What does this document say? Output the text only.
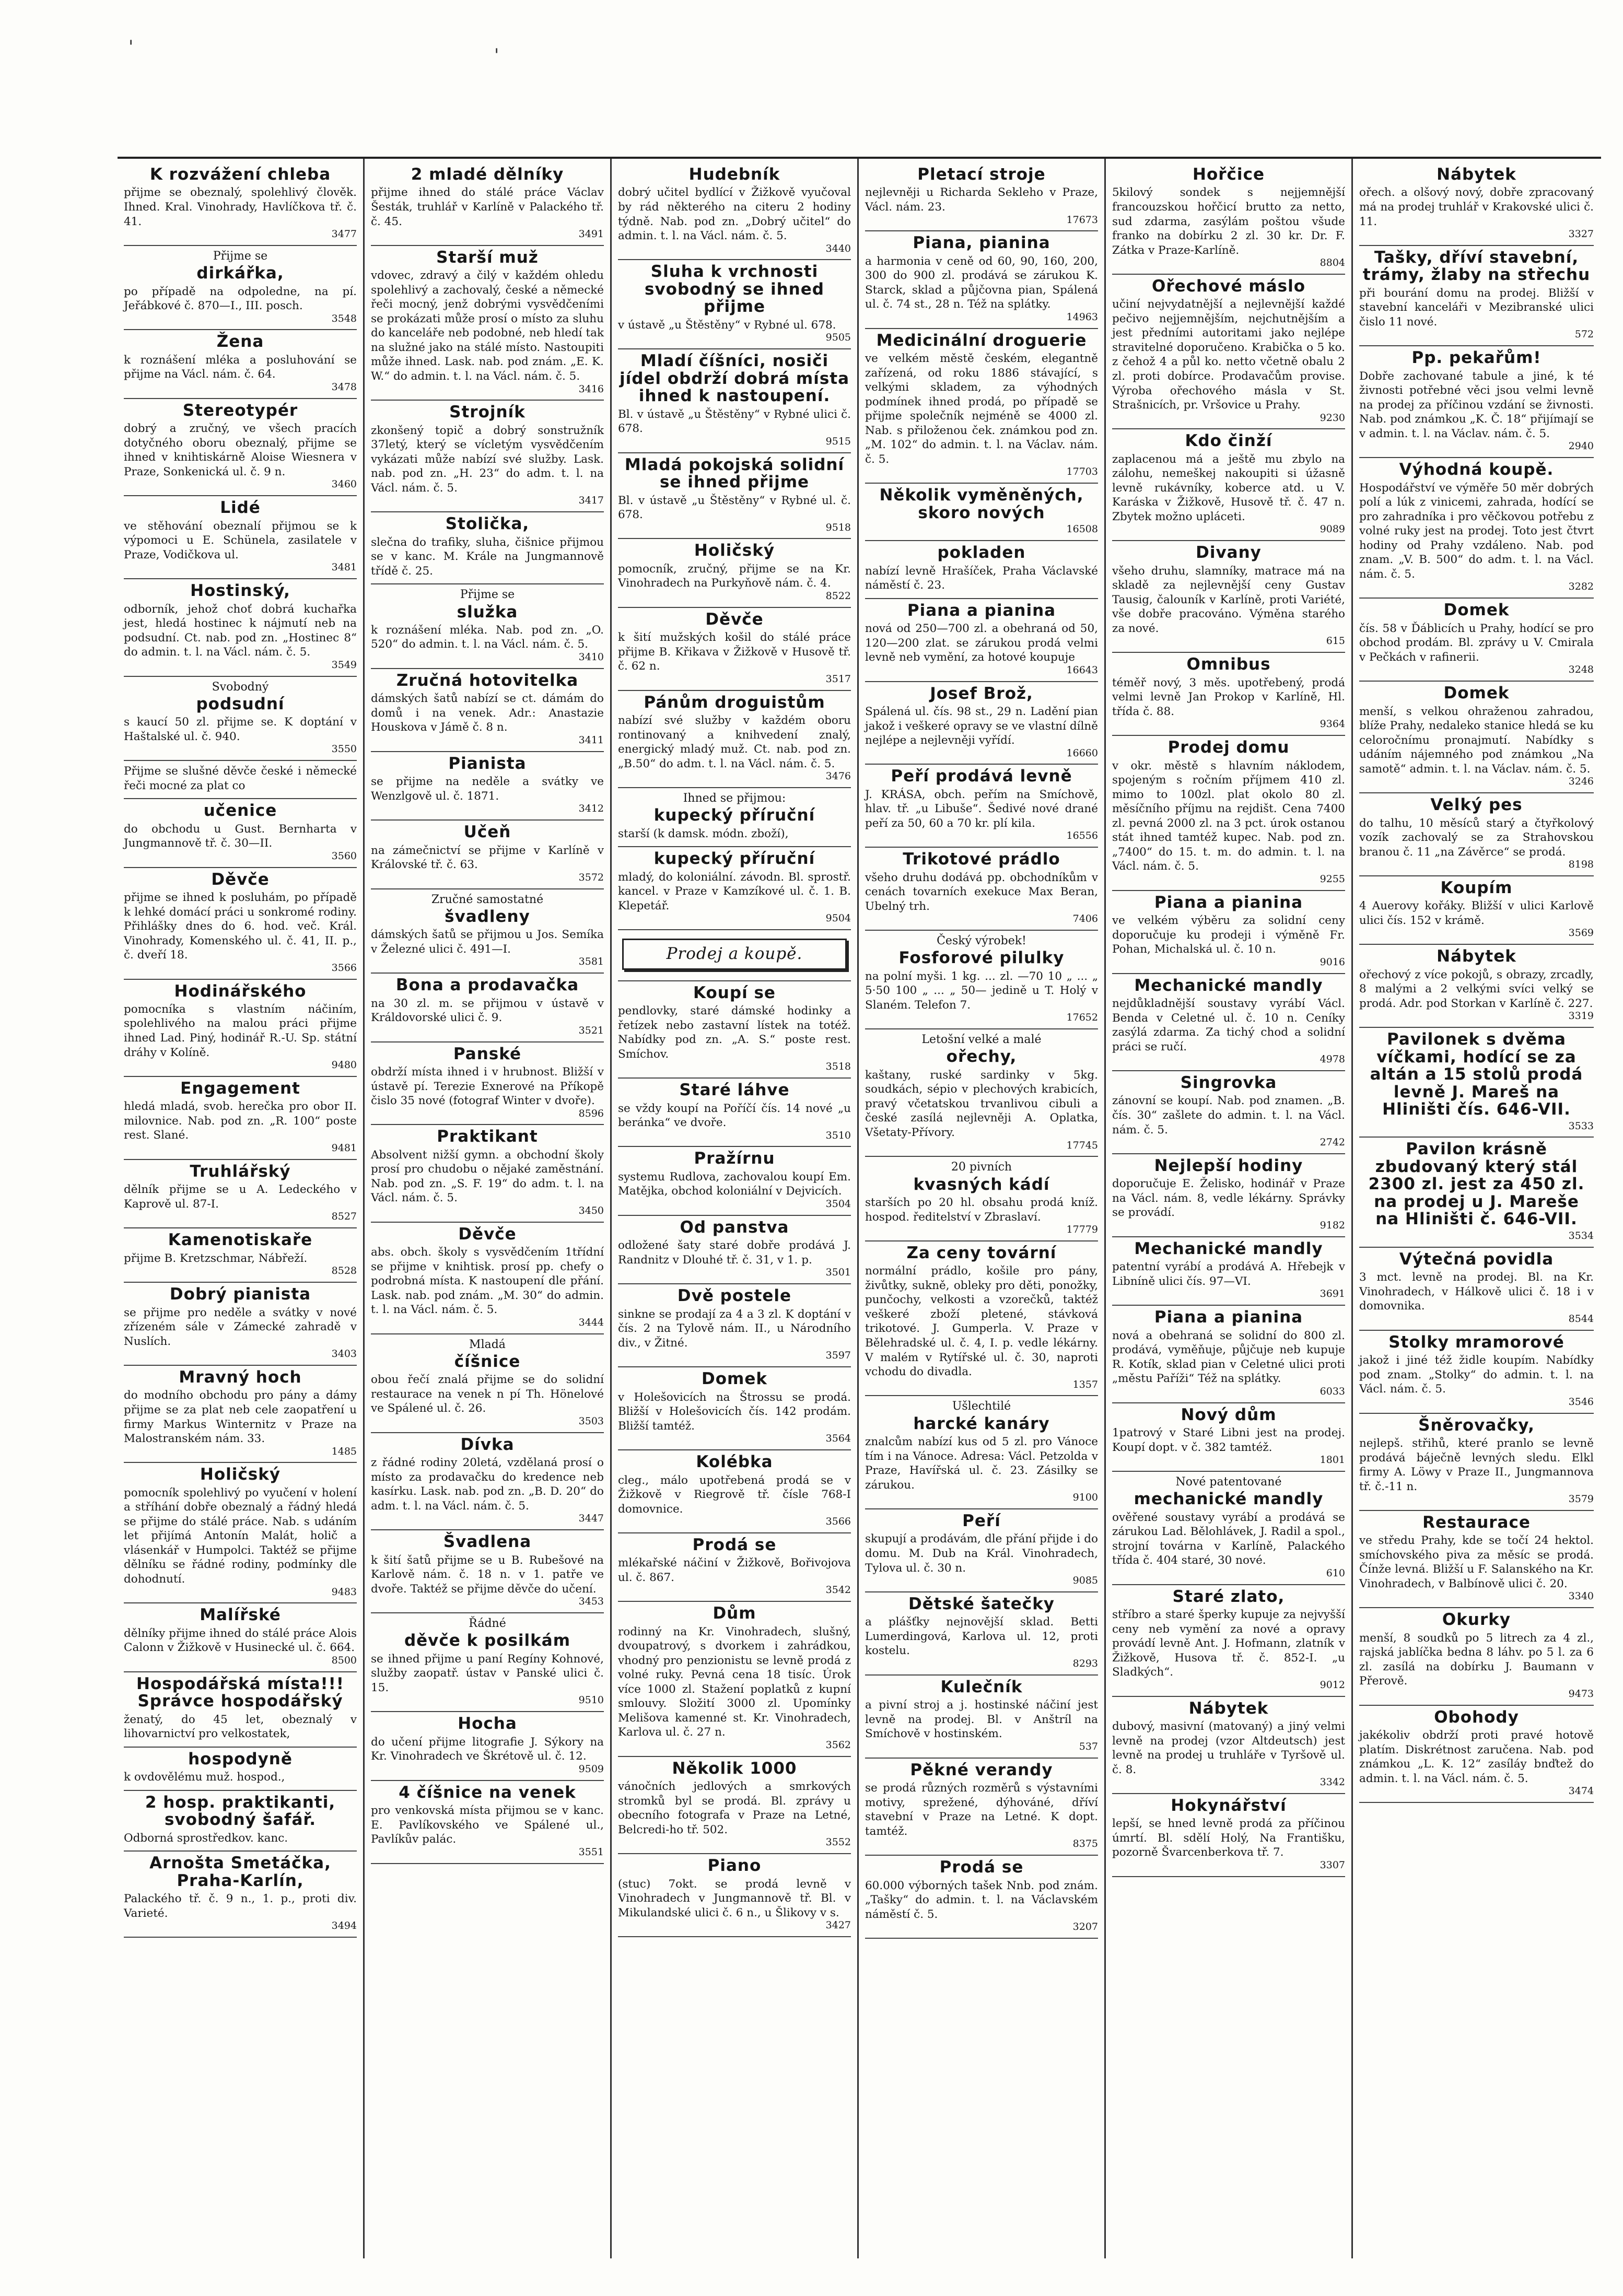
'	'
K rozvážení chleba

přijme se obeznalý, spolehlivý člověk. Ihned. Kral. Vinohrady, Havlíčkova tř. č. 41.

3477

Přijme se

dirkářka,

po případě na odpoledne, na pí. Jeřábkové č. 870—I., III. posch.

3548

Žena

k roznášení mléka a posluhování se přijme na Václ. nám. č. 64.

3478

Stereotypér

dobrý a zručný, ve všech pracích dotyčného oboru obeznalý, přijme se ihned v knihtiskárně Aloise Wiesnera v Praze, Sonkenická ul. č. 9 n.

3460

Lidé

ve stěhování obeznalí přijmou se k výpomoci u E. Schünela, zasilatele v Praze, Vodičkova ul.

3481

Hostinský,

odborník, jehož choť dobrá kuchařka jest, hledá hostinec k nájmutí neb na podsudní. Ct. nab. pod zn. „Hostinec 8“ do admin. t. l. na Václ. nám. č. 5.

3549

Svobodný

podsudní

s kaucí 50 zl. přijme se. K doptání v Haštalské ul. č. 940.

3550

Přijme se slušné děvče české i německé řeči mocné za plat co

učenice

do obchodu u Gust. Bernharta v Jungmannově tř. č. 30—II.

3560

Děvče

přijme se ihned k posluhám, po případě k lehké domácí práci u sonkromé rodiny. Přihlášky dnes do 6. hod. več. Král. Vinohrady, Komenského ul. č. 41, II. p., č. dveří 18.

3566

Hodinářského

pomocníka s vlastním náčiním, spolehlivého na malou práci přijme ihned Lad. Piný, hodinář R.-U. Sp. státní dráhy v Kolíně.

9480

Engagement

hledá mladá, svob. herečka pro obor II. milovnice. Nab. pod zn. „R. 100“ poste rest. Slané.

9481

Truhlářský

dělník přijme se u A. Ledeckého v Kaprově ul. 87-I.

8527

Kamenotiskaře

přijme B. Kretzschmar, Nábřeží.

8528

Dobrý pianista

se přijme pro neděle a svátky v nové zřízeném sále v Zámecké zahradě v Nuslích.

3403

Mravný hoch

do modního obchodu pro pány a dámy přijme se za plat neb cele zaopatření u firmy Markus Winternitz v Praze na Malostranském nám. 33.

1485

Holičský

pomocník spolehlivý po vyučení v holení a stříhání dobře obeznalý a řádný hledá se přijme do stálé práce. Nab. s udáním let přijímá Antonín Malát, holič a vlásenkář v Humpolci. Taktéž se přijme dělníku se řádné rodiny, podmínky dle dohodnutí.

9483

Malířské

dělníky přijme ihned do stálé práce Alois Calonn v Žižkově v Husinecké ul. č. 664.

8500

Hospodářská místa!!! Správce hospodářský

ženatý, do 45 let, obeznalý v lihovarnictví pro velkostatek,

hospodyně

k ovdovělému muž. hospod.,

2 hosp. praktikanti, svobodný šafář.

Odborná sprostředkov. kanc.

Arnošta Smetáčka, Praha-Karlín,

Palackého tř. č. 9 n., 1. p., proti div. Varieté.

3494

2 mladé dělníky

přijme ihned do stálé práce Václav Šesták, truhlář v Karlíně v Palackého tř. č. 45.

3491

Starší muž

vdovec, zdravý a čilý v každém ohledu spolehlivý a zachovalý, české a německé řeči mocný, jenž dobrými vysvědčeními se prokázati může prosí o místo za sluhu do kanceláře neb podobné, neb hledí tak na služné jako na stálé místo. Nastoupiti může ihned. Lask. nab. pod znám. „E. K. W.“ do admin. t. l. na Václ. nám. č. 5.

3416

Strojník

zkonšený topič a dobrý sonstružník 37letý, který se vícletým vysvědčením vykázati může nabízí své služby. Lask. nab. pod zn. „H. 23“ do adm. t. l. na Václ. nám. č. 5.

3417

Stolička,

slečna do trafiky, sluha, čišnice přijmou se v kanc. M. Krále na Jungmannově třídě č. 25.

Přijme se

služka

k roznášení mléka. Nab. pod zn. „O. 520“ do admin. t. l. na Václ. nám. č. 5.

3410

Zručná hotovitelka

dámských šatů nabízí se ct. dámám do domů i na venek. Adr.: Anastazie Houskova v Jámě č. 8 n.

3411

Pianista

se přijme na neděle a svátky ve Wenzlgově ul. č. 1871.

3412

Učeň

na zámečnictví se přijme v Karlíně v Královské tř. č. 63.

3572

Zručné samostatné

švadleny

dámských šatů se přijmou u Jos. Semíka v Železné ulici č. 491—I.

3581

Bona a prodavačka

na 30 zl. m. se přijmou v ústavě v Králdovorské ulici č. 9.

3521

Panské

obdrží místa ihned i v hrubnost. Bližší v ústavě pí. Terezie Exnerové na Příkopě čislo 35 nové (fotograf Winter v dvoře).

8596

Praktikant

Absolvent nižší gymn. a obchodní školy prosí pro chudobu o nějaké zaměstnání. Nab. pod zn. „S. F. 19“ do adm. t. l. na Václ. nám. č. 5.

3450

Děvče

abs. obch. školy s vysvědčením 1třídní se přijme v knihtisk. prosí pp. chefy o podrobná místa. K nastoupení dle přání. Lask. nab. pod znám. „M. 30“ do admin. t. l. na Václ. nám. č. 5.

3444

Mladá

číšnice

obou řečí znalá přijme se do solidní restaurace na venek n pí Th. Hönelové ve Spálené ul. č. 26.

3503

Dívka

z řádné rodiny 20letá, vzdělaná prosí o místo za prodavačku do kredence neb kasírku. Lask. nab. pod zn. „B. D. 20“ do adm. t. l. na Václ. nám. č. 5.

3447

Švadlena

k šití šatů přijme se u B. Rubešové na Karlově nám. č. 18 n. v 1. patře ve dvoře. Taktéž se přijme děvče do učení.

3453

Řádné

děvče k posilkám

se ihned přijme u paní Regíny Kohnové, služby zaopatř. ústav v Panské ulici č. 15.

9510

Hocha

do učení přijme litografie J. Sýkory na Kr. Vinohradech ve Škrétově ul. č. 12.

9509

4 číšnice na venek

pro venkovská místa přijmou se v kanc. E. Pavlíkovského ve Spálené ul., Pavlíkův palác.

3551

Hudebník

dobrý učitel bydlící v Žižkově vyučoval by rád některého na citeru 2 hodiny týdně. Nab. pod zn. „Dobrý učitel“ do admin. t. l. na Václ. nám. č. 5.

3440

Sluha k vrchnosti svobodný se ihned přijme

v ústavě „u Štěstěny“ v Rybné ul. 678.

9505

Mladí číšníci, nosiči jídel obdrží dobrá místa ihned k nastoupení.

Bl. v ústavě „u Štěstěny“ v Rybné ulici č. 678.

9515

Mladá pokojská solidní se ihned přijme

Bl. v ústavě „u Štěstěny“ v Rybné ul. č. 678.

9518

Holičský

pomocník, zručný, přijme se na Kr. Vinohradech na Purkyňově nám. č. 4.

8522

Děvče

k šití mužských košil do stálé práce přijme B. Křikava v Žižkově v Husově tř. č. 62 n.

3517

Pánům droguistům

nabízí své služby v každém oboru rontinovaný a knihvedení znalý, energický mladý muž. Ct. nab. pod zn. „B.50“ do adm. t. l. na Václ. nám. č. 5.

3476

Ihned se přijmou:

kupecký příruční

starší (k damsk. módn. zboží),

kupecký příruční

mladý, do koloniální. závodn. Bl. sprostř. kancel. v Praze v Kamzíkové ul. č. 1. B. Klepetář.

9504

Prodej a koupě.
Koupí se

pendlovky, staré dámské hodinky a řetízek nebo zastavní lístek na totéž. Nabídky pod zn. „A. S.“ poste rest. Smíchov.

3518

Staré láhve

se vždy koupí na Poříčí čís. 14 nové „u beránka“ ve dvoře.

3510

Pražírnu

systemu Rudlova, zachovalou koupí Em. Matějka, obchod koloniální v Dejvicích.

3504

Od panstva

odložené šaty staré dobře prodává J. Randnitz v Dlouhé tř. č. 31, v 1. p.

3501

Dvě postele

sinkne se prodají za 4 a 3 zl. K doptání v čís. 2 na Tylově nám. II., u Národního div., v Žitné.

3597

Domek

v Holešovicích na Štrossu se prodá. Bližší v Holešovicích čís. 142 prodám. Bližší tamtéž.

3564

Kolébka

cleg., málo upotřebená prodá se v Žižkově v Riegrově tř. čísle 768-I domovnice.

3566

Prodá se

mlékařské náčiní v Žižkově, Bořivojova ul. č. 867.

3542

Dům

rodinný na Kr. Vinohradech, slušný, dvoupatrový, s dvorkem i zahrádkou, vhodný pro penzionistu se levně prodá z volné ruky. Pevná cena 18 tisíc. Úrok více 1000 zl. Stažení poplatků z kupní smlouvy. Složití 3000 zl. Upomínky Melišova kamenné st. Kr. Vinohradech, Karlova ul. č. 27 n.

3562

Několik 1000

vánočních jedlových a smrkových stromků byl se prodá. Bl. zprávy u obecního fotografa v Praze na Letné, Belcredi-ho tř. 502.

3552

Piano

(stuc) 7okt. se prodá levně v Vinohradech v Jungmannově tř. Bl. v Mikulandské ulici č. 6 n., u Šlikovy v s.

3427

Pletací stroje

nejlevněji u Richarda Sekleho v Praze, Václ. nám. 23.

17673

Piana, pianina

a harmonia v ceně od 60, 90, 160, 200, 300 do 900 zl. prodává se zárukou K. Starck, sklad a půjčovna pian, Spálená ul. č. 74 st., 28 n. Též na splátky.

14963

Medicinální droguerie

ve velkém městě českém, elegantně zařízená, od roku 1886 stávající, s velkými skladem, za výhodných podmínek ihned prodá, po případě se přijme společník nejméně se 4000 zl. Nab. s přiloženou ček. známkou pod zn. „M. 102“ do admin. t. l. na Václav. nám. č. 5.

17703

Několik vyměněných, skoro nových

16508

pokladen

nabízí levně Hrašíček, Praha Václavské náměstí č. 23.

Piana a pianina

nová od 250—700 zl. a obehraná od 50, 120—200 zlat. se zárukou prodá velmi levně neb vymění, za hotové koupuje

16643

Josef Brož,

Spálená ul. čís. 98 st., 29 n. Ladění pian jakož i veškeré opravy se ve vlastní dílně nejlépe a nejlevněji vyřídí.

16660

Peří prodává levně

J. KRÁSA, obch. peřím na Smíchově, hlav. tř. „u Libuše“. Šedivé nové drané peří za 50, 60 a 70 kr. plí kila.

16556

Trikotové prádlo

všeho druhu dodává pp. obchodníkům v cenách tovarních exekuce Max Beran, Ubelný trh.

7406

Český výrobek!

Fosforové pilulky

na polní myši. 1 kg. ... zl. —70 10 „ ... „ 5·50 100 „ ... „ 50— jedině u T. Holý v Slaném. Telefon 7.

17652

Letošní velké a malé

ořechy,

kaštany, ruské sardinky v 5kg. soudkách, sépio v plechových krabicích, pravý včetatskou trvanlivou cibuli a české zasílá nejlevněji A. Oplatka, Všetaty-Přívory.

17745

20 pivních

kvasných kádí

starších po 20 hl. obsahu prodá kníž. hospod. ředitelství v Zbraslaví.

17779

Za ceny tovární

normální prádlo, košile pro pány, živůtky, sukně, obleky pro děti, ponožky, punčochy, velkosti a vzorečků, taktéž veškeré zboží pletené, stávková trikotové. J. Gumperla. V. Praze v Bělehradské ul. č. 4, I. p. vedle lékárny. V malém v Rytířské ul. č. 30, naproti vchodu do divadla.

1357

Ušlechtilé

harcké kanáry

znalcům nabízí kus od 5 zl. pro Vánoce tím i na Vánoce. Adresa: Václ. Petzolda v Praze, Havířská ul. č. 23. Zásilky se zárukou.

9100

Peří

skupují a prodávám, dle přání přijde i do domu. M. Dub na Král. Vinohradech, Tylova ul. č. 30 n.

9085

Dětské šatečky

a plášťky nejnovější sklad. Betti Lumerdingová, Karlova ul. 12, proti kostelu.

8293

Kulečník

a pivní stroj a j. hostinské náčiní jest levně na prodej. Bl. v Anštríl na Smíchově v hostinském.

537

Pěkné verandy

se prodá různých rozměrů s výstavními motivy, sprežené, dýhováné, dříví stavební v Praze na Letné. K dopt. tamtéž.

8375

Prodá se

60.000 výborných tašek Nnb. pod znám. „Tašky“ do admin. t. l. na Václavském náměstí č. 5.

3207

Hořčice

5kilový sondek s nejjemnější francouzskou hořčicí brutto za netto, sud zdarma, zasýlám poštou všude franko na dobírku 2 zl. 30 kr. Dr. F. Zátka v Praze-Karlíně.

8804

Ořechové máslo

učiní nejvydatnější a nejlevnější každé pečivo nejjemnějším, nejchutnějším a jest předními autoritami jako nejlépe stravitelné doporučeno. Krabička o 5 ko. z čehož 4 a půl ko. netto včetně obalu 2 zl. proti dobírce. Prodavačům provise. Výroba ořechového másla v St. Strašnicích, pr. Vršovice u Prahy.

9230

Kdo činží

zaplacenou má a ještě mu zbylo na zálohu, nemeškej nakoupiti si úžasně levně rukávníky, koberce atd. u V. Karáska v Žižkově, Husově tř. č. 47 n. Zbytek možno upláceti.

9089

Divany

všeho druhu, slamníky, matrace má na skladě za nejlevnější ceny Gustav Tausig, čalouník v Karlíně, proti Variété, vše dobře pracováno. Výměna starého za nové.

615

Omnibus

téměř nový, 3 měs. upotřebený, prodá velmi levně Jan Prokop v Karlíně, Hl. třída č. 88.

9364

Prodej domu

v okr. městě s hlavním náklodem, spojeným s ročním příjmem 410 zl. mimo to 100zl. plat okolo 80 zl. měsíčního příjmu na rejdišt. Cena 7400 zl. pevná 2000 zl. na 3 pct. úrok ostanou stát ihned tamtéž kupec. Nab. pod zn. „7400“ do 15. t. m. do admin. t. l. na Václ. nám. č. 5.

9255

Piana a pianina

ve velkém výběru za solidní ceny doporučuje ku prodeji i výměně Fr. Pohan, Michalská ul. č. 10 n.

9016

Mechanické mandly

nejdůkladnější soustavy vyrábí Václ. Benda v Celetné ul. č. 10 n. Ceníky zasýlá zdarma. Za tichý chod a solidní práci se ručí.

4978

Singrovka

zánovní se koupí. Nab. pod znamen. „B. čís. 30“ zašlete do admin. t. l. na Václ. nám. č. 5.

2742

Nejlepší hodiny

doporučuje E. Želisko, hodinář v Praze na Václ. nám. 8, vedle lékárny. Správky se provádí.

9182

Mechanické mandly

patentní vyrábí a prodává A. Hřebejk v Libníně ulici čís. 97—VI.

3691

Piana a pianina

nová a obehraná se solidní do 800 zl. prodává, vyměňuje, půjčuje neb kupuje R. Kotík, sklad pian v Celetné ulici proti „městu Paříži“ Též na splátky.

6033

Nový dům

1patrový v Staré Libni jest na prodej. Koupí dopt. v č. 382 tamtéž.

1801

Nové patentované

mechanické mandly

ověřené soustavy vyrábí a prodává se zárukou Lad. Bělohlávek, J. Radil a spol., strojní továrna v Karlíně, Palackého třída č. 404 staré, 30 nové.

610

Staré zlato,

stříbro a staré šperky kupuje za nejvyšší ceny neb vymění za nové a opravy provádí levně Ant. J. Hofmann, zlatník v Žižkově, Husova tř. č. 852-I. „u Sladkých“.

9012

Nábytek

dubový, masivní (matovaný) a jiný velmi levně na prodej (vzor Altdeutsch) jest levně na prodej u truhláře v Tyršově ul. č. 8.

3342

Hokynářství

lepší, se hned levně prodá za příčinou úmrtí. Bl. sdělí Holý, Na Františku, pozorně Švarcenberkova tř. 7.

3307

Nábytek

ořech. a olšový nový, dobře zpracovaný má na prodej truhlář v Krakovské ulici č. 11.

3327

Tašky, dříví stavební, trámy, žlaby na střechu

při bourání domu na prodej. Bližší v stavební kanceláři v Mezibranské ulici čislo 11 nové.

572

Pp. pekařům!

Dobře zachované tabule a jiné, k té živnosti potřebné věci jsou velmi levně na prodej za příčinou vzdání se živnosti. Nab. pod známkou „K. Č. 18“ přijímají se v admin. t. l. na Václav. nám. č. 5.

2940

Výhodná koupě.

Hospodářství ve výměře 50 měr dobrých polí a lúk z vinicemi, zahrada, hodící se pro zahradníka i pro věčkovou potřebu z volné ruky jest na prodej. Toto jest čtvrt hodiny od Prahy vzdáleno. Nab. pod znam. „V. B. 500“ do adm. t. l. na Václ. nám. č. 5.

3282

Domek

čís. 58 v Ďáblicích u Prahy, hodící se pro obchod prodám. Bl. zprávy u V. Cmirala v Pečkách v rafinerii.

3248

Domek

menší, s velkou ohraženou zahradou, blíže Prahy, nedaleko stanice hledá se ku celoročnímu pronajmutí. Nabídky s udáním nájemného pod známkou „Na samotě“ admin. t. l. na Václav. nám. č. 5.

3246

Velký pes

do talhu, 10 měsíců starý a čtyřkolový vozík zachovalý se za Strahovskou branou č. 11 „na Závěrce“ se prodá.

8198

Koupím

4 Auerovy kořáky. Bližší v ulici Karlově ulici čís. 152 v krámě.

3569

Nábytek

ořechový z více pokojů, s obrazy, zrcadly, 8 malými a 2 velkými svíci velký se prodá. Adr. pod Storkan v Karlíně č. 227.

3319

Pavilonek s dvěma víčkami, hodící se za altán a 15 stolů prodá levně J. Mareš na Hliništi čís. 646-VII.

3533

Pavilon krásně zbudovaný který stál 2300 zl. jest za 450 zl. na prodej u J. Mareše na Hliništi č. 646-VII.

3534

Výtečná povidla

3 mct. levně na prodej. Bl. na Kr. Vinohradech, v Hálkově ulici č. 18 i v domovnika.

8544

Stolky mramorové

jakož i jiné též židle koupím. Nabídky pod znam. „Stolky“ do admin. t. l. na Václ. nám. č. 5.

3546

Šněrovačky,

nejlepš. střihů, které pranlo se levně prodává báječně levných sledu. Elkl firmy A. Löwy v Praze II., Jungmannova tř. č.-11 n.

3579

Restaurace

ve středu Prahy, kde se točí 24 hektol. smíchovského piva za měsíc se prodá. Čínže levná. Bližší u F. Salanského na Kr. Vinohradech, v Balbínově ulici č. 20.

3340

Okurky

menší, 8 soudků po 5 litrech za 4 zl., rajská jablíčka bedna 8 láhv. po 5 l. za 6 zl. zasílá na dobírku J. Baumann v Přerově.

9473

Obohody

jakékoliv obdrží proti pravé hotově platím. Diskrétnost zaručena. Nab. pod známkou „L. K. 12“ zasíláy bnďtež do admin. t. l. na Václ. nám. č. 5.

3474
